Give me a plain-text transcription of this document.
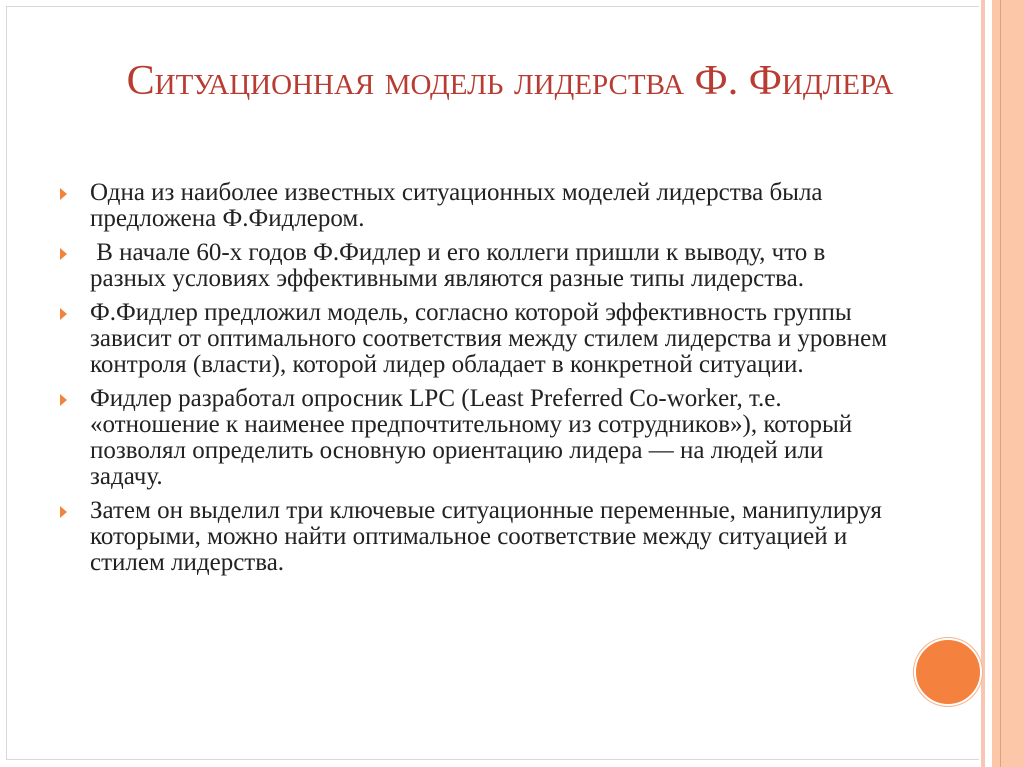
Ситуационная модель лидерства Ф. Фидлера
Одна из наиболее известных ситуационных моделей лидерства была предложена Ф.Фидлером.
В начале 60-х годов Ф.Фидлер и его коллеги пришли к выводу, что в разных условиях эффективными являются разные типы лидерства.
Ф.Фидлер предложил модель, согласно которой эффективность группы зависит от оптимального соответствия между стилем лидерства и уровнем контроля (власти), которой лидер обладает в конкретной ситуации.
Фидлер разработал опросник LPC (Least Preferred Co-worker, т.е. «отношение к наименее предпочтительному из сотрудников»), который позволял определить основную ориентацию лидера — на людей или задачу.
Затем он выделил три ключевые ситуационные переменные, манипулируя которыми, можно найти оптимальное соответствие между ситуацией и стилем лидерства.
